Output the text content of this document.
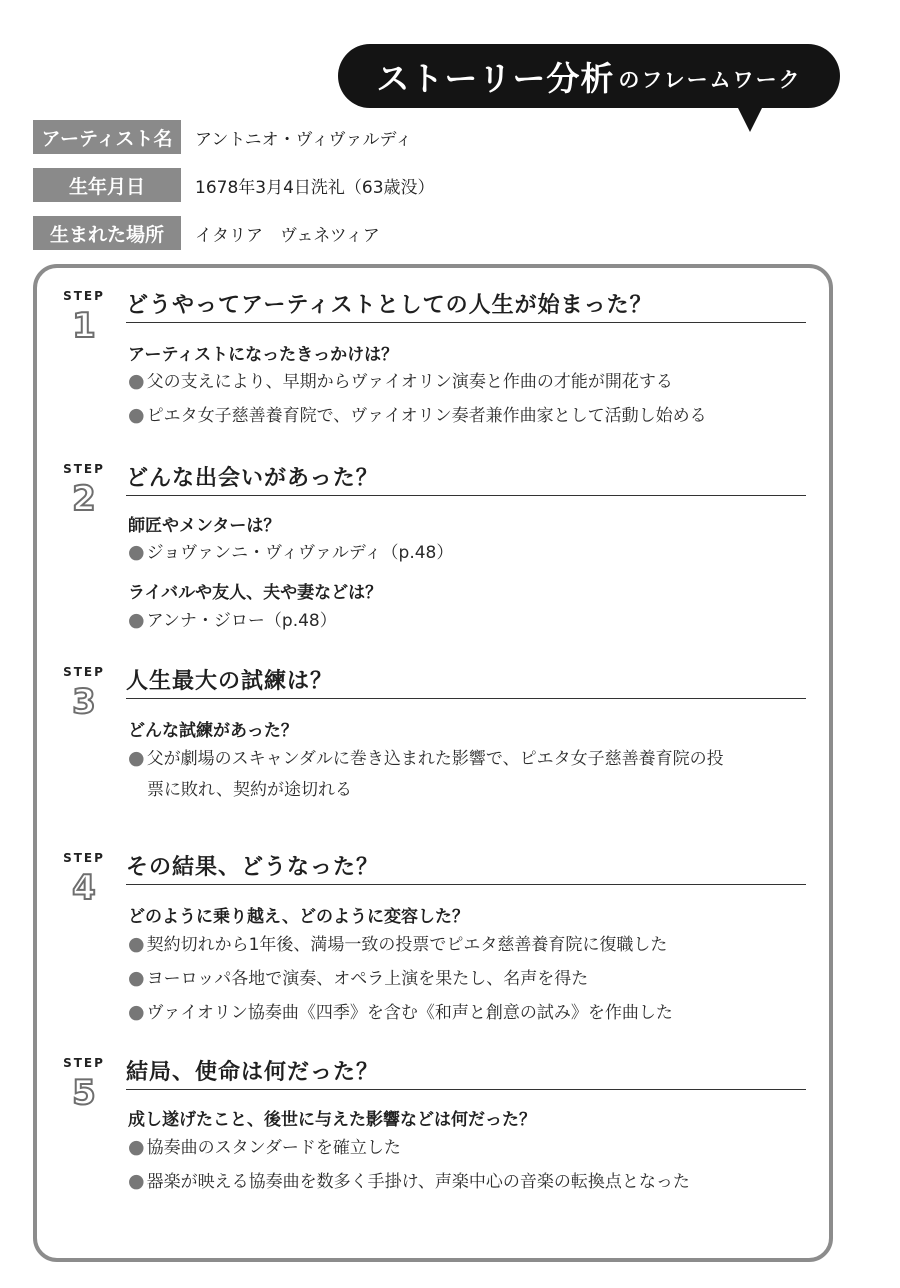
ストーリー分析 のフレームワーク
アーティスト名	アントニオ・ヴィヴァルディ
生年月日	1678年3月4日洗礼（63歳没）
生まれた場所	イタリア　ヴェネツィア
STEP
1
どうやってアーティストとしての人生が始まった？
アーティストになったきっかけは？
● 父の支えにより、早期からヴァイオリン演奏と作曲の才能が開花する
● ピエタ女子慈善養育院で、ヴァイオリン奏者兼作曲家として活動し始める
STEP
2
どんな出会いがあった？
師匠やメンターは？
● ジョヴァンニ・ヴィヴァルディ（p.48）
ライバルや友人、夫や妻などは？
● アンナ・ジロー（p.48）
STEP
3
人生最大の試練は？
どんな試練があった？
● 父が劇場のスキャンダルに巻き込まれた影響で、ピエタ女子慈善養育院の投
票に敗れ、契約が途切れる
STEP
4
その結果、どうなった？
どのように乗り越え、どのように変容した？
● 契約切れから1年後、満場一致の投票でピエタ慈善養育院に復職した
● ヨーロッパ各地で演奏、オペラ上演を果たし、名声を得た
● ヴァイオリン協奏曲《四季》を含む《和声と創意の試み》を作曲した
STEP
5
結局、使命は何だった？
成し遂げたこと、後世に与えた影響などは何だった？
● 協奏曲のスタンダードを確立した
● 器楽が映える協奏曲を数多く手掛け、声楽中心の音楽の転換点となった
